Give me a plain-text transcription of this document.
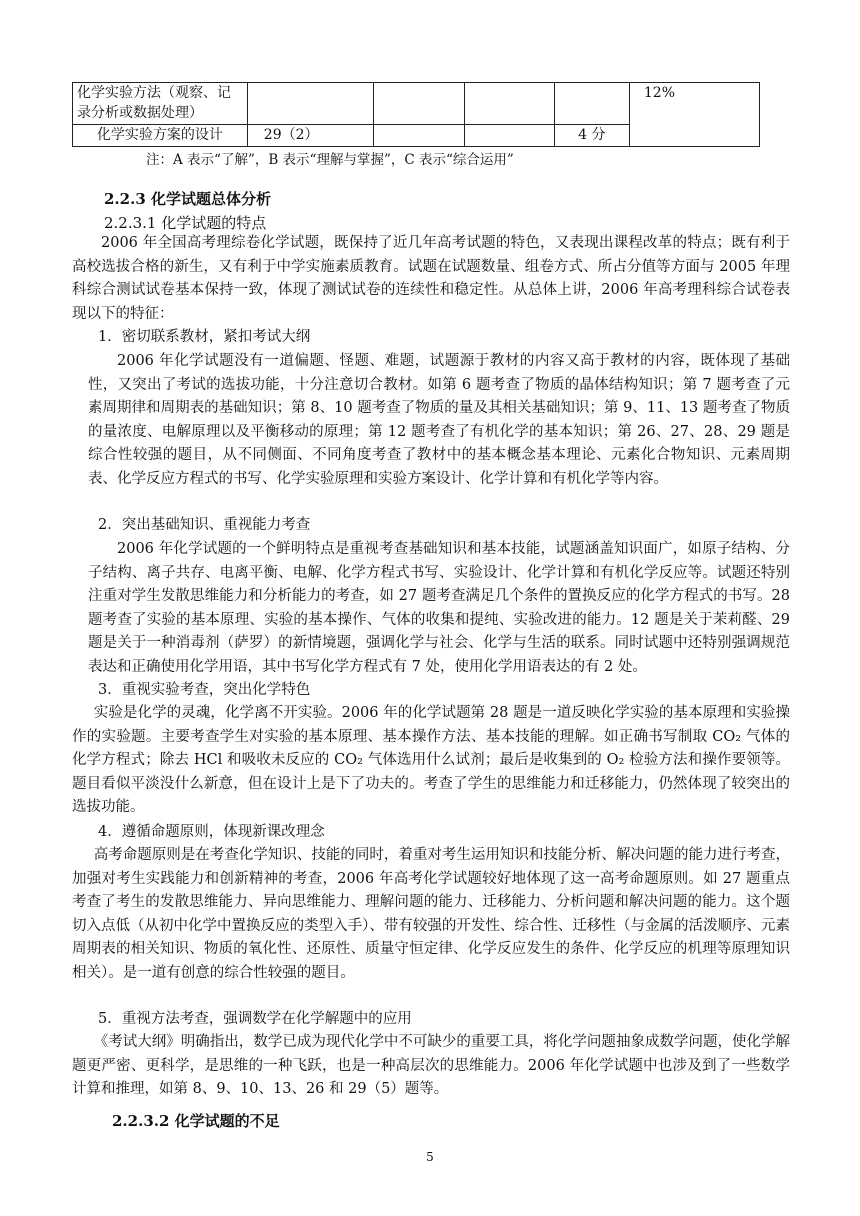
化学实验方法（观察、记录分析或数据处理）					12%
化学实验方案的设计	29（2）			4 分	
注：A 表示“了解”，B 表示“理解与掌握”，C 表示“综合运用”
2.2.3 化学试题总体分析
2.2.3.1 化学试题的特点
2006 年全国高考理综卷化学试题，既保持了近几年高考试题的特色，又表现出课程改革的特点；既有利于高校选拔合格的新生，又有利于中学实施素质教育。试题在试题数量、组卷方式、所占分值等方面与 2005 年理科综合测试试卷基本保持一致，体现了测试试卷的连续性和稳定性。从总体上讲，2006 年高考理科综合试卷表现以下的特征：
1．密切联系教材，紧扣考试大纲
2006 年化学试题没有一道偏题、怪题、难题，试题源于教材的内容又高于教材的内容，既体现了基础性，又突出了考试的选拔功能，十分注意切合教材。如第 6 题考查了物质的晶体结构知识；第 7 题考查了元素周期律和周期表的基础知识；第 8、10 题考查了物质的量及其相关基础知识；第 9、11、13 题考查了物质的量浓度、电解原理以及平衡移动的原理；第 12 题考查了有机化学的基本知识；第 26、27、28、29 题是综合性较强的题目，从不同侧面、不同角度考查了教材中的基本概念基本理论、元素化合物知识、元素周期表、化学反应方程式的书写、化学实验原理和实验方案设计、化学计算和有机化学等内容。
2．突出基础知识、重视能力考查
2006 年化学试题的一个鲜明特点是重视考查基础知识和基本技能，试题涵盖知识面广，如原子结构、分子结构、离子共存、电离平衡、电解、化学方程式书写、实验设计、化学计算和有机化学反应等。试题还特别注重对学生发散思维能力和分析能力的考查，如 27 题考查满足几个条件的置换反应的化学方程式的书写。28 题考查了实验的基本原理、实验的基本操作、气体的收集和提纯、实验改进的能力。12 题是关于茉莉醛、29 题是关于一种消毒剂（萨罗）的新情境题，强调化学与社会、化学与生活的联系。同时试题中还特别强调规范表达和正确使用化学用语，其中书写化学方程式有 7 处，使用化学用语表达的有 2 处。
3．重视实验考查，突出化学特色
实验是化学的灵魂，化学离不开实验。2006 年的化学试题第 28 题是一道反映化学实验的基本原理和实验操作的实验题。主要考查学生对实验的基本原理、基本操作方法、基本技能的理解。如正确书写制取 CO₂ 气体的化学方程式；除去 HCl 和吸收未反应的 CO₂ 气体选用什么试剂；最后是收集到的 O₂ 检验方法和操作要领等。题目看似平淡没什么新意，但在设计上是下了功夫的。考查了学生的思维能力和迁移能力，仍然体现了较突出的选拔功能。
4．遵循命题原则，体现新课改理念
高考命题原则是在考查化学知识、技能的同时，着重对考生运用知识和技能分析、解决问题的能力进行考查，加强对考生实践能力和创新精神的考查，2006 年高考化学试题较好地体现了这一高考命题原则。如 27 题重点考查了考生的发散思维能力、异向思维能力、理解问题的能力、迁移能力、分析问题和解决问题的能力。这个题切入点低（从初中化学中置换反应的类型入手）、带有较强的开发性、综合性、迁移性（与金属的活泼顺序、元素周期表的相关知识、物质的氧化性、还原性、质量守恒定律、化学反应发生的条件、化学反应的机理等原理知识相关）。是一道有创意的综合性较强的题目。
5．重视方法考查，强调数学在化学解题中的应用
《考试大纲》明确指出，数学已成为现代化学中不可缺少的重要工具，将化学问题抽象成数学问题，使化学解题更严密、更科学，是思维的一种飞跃，也是一种高层次的思维能力。2006 年化学试题中也涉及到了一些数学计算和推理，如第 8、9、10、13、26 和 29（5）题等。
2.2.3.2 化学试题的不足
5
